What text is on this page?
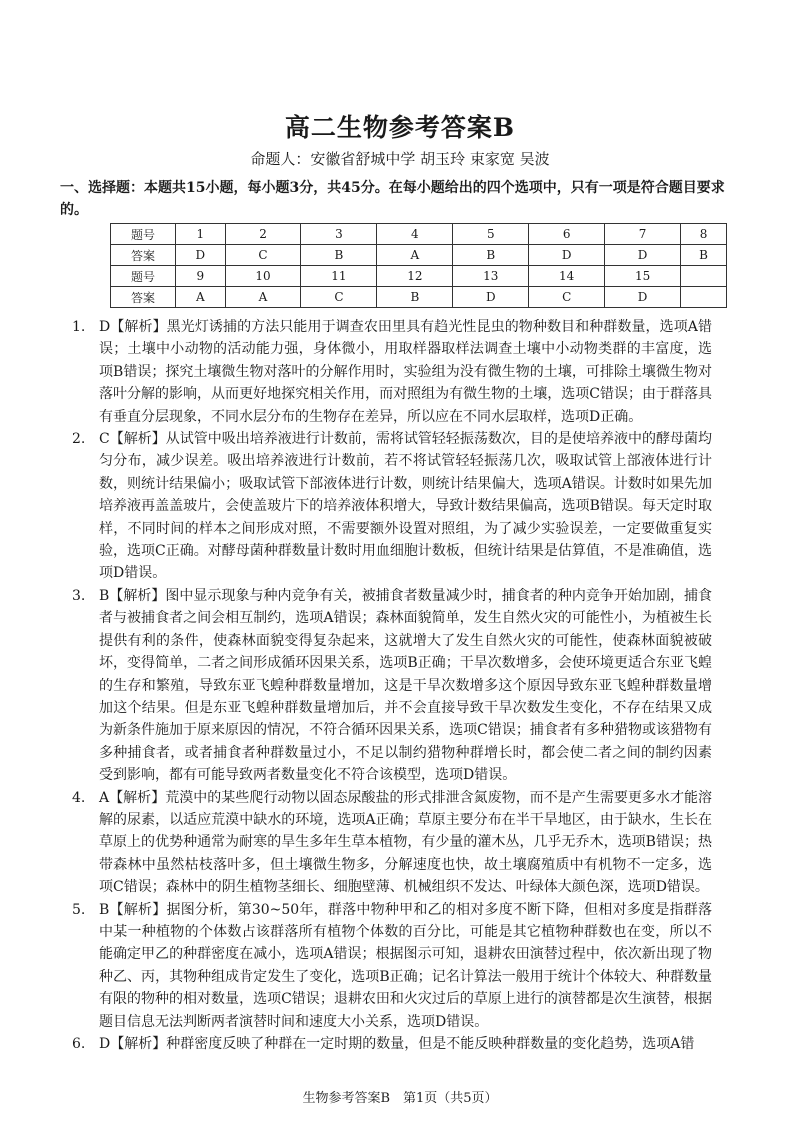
高二生物参考答案B
命题人：安徽省舒城中学 胡玉玲 束家宽 吴波
一、选择题：本题共15小题，每小题3分，共45分。在每小题给出的四个选项中，只有一项是符合题目要求的。
题号	1	2	3	4	5	6	7	8
答案	D	C	B	A	B	D	D	B
题号	9	10	11	12	13	14	15	
答案	A	A	C	B	D	C	D	
1. D【解析】黑光灯诱捕的方法只能用于调查农田里具有趋光性昆虫的物种数目和种群数量，选项A错误；土壤中小动物的活动能力强，身体微小，用取样器取样法调查土壤中小动物类群的丰富度，选项B错误；探究土壤微生物对落叶的分解作用时，实验组为没有微生物的土壤，可排除土壤微生物对落叶分解的影响，从而更好地探究相关作用，而对照组为有微生物的土壤，选项C错误；由于群落具有垂直分层现象，不同水层分布的生物存在差异，所以应在不同水层取样，选项D正确。
2. C【解析】从试管中吸出培养液进行计数前，需将试管轻轻振荡数次，目的是使培养液中的酵母菌均匀分布，减少误差。吸出培养液进行计数前，若不将试管轻轻振荡几次，吸取试管上部液体进行计数，则统计结果偏小；吸取试管下部液体进行计数，则统计结果偏大，选项A错误。计数时如果先加培养液再盖盖玻片，会使盖玻片下的培养液体积增大，导致计数结果偏高，选项B错误。每天定时取样，不同时间的样本之间形成对照，不需要额外设置对照组，为了减少实验误差，一定要做重复实验，选项C正确。对酵母菌种群数量计数时用血细胞计数板，但统计结果是估算值，不是准确值，选项D错误。
3. B【解析】图中显示现象与种内竞争有关，被捕食者数量减少时，捕食者的种内竞争开始加剧，捕食者与被捕食者之间会相互制约，选项A错误；森林面貌简单，发生自然火灾的可能性小，为植被生长提供有利的条件，使森林面貌变得复杂起来，这就增大了发生自然火灾的可能性，使森林面貌被破坏，变得简单，二者之间形成循环因果关系，选项B正确；干旱次数增多，会使环境更适合东亚飞蝗的生存和繁殖，导致东亚飞蝗种群数量增加，这是干旱次数增多这个原因导致东亚飞蝗种群数量增加这个结果。但是东亚飞蝗种群数量增加后，并不会直接导致干旱次数发生变化，不存在结果又成为新条件施加于原来原因的情况，不符合循环因果关系，选项C错误；捕食者有多种猎物或该猎物有多种捕食者，或者捕食者种群数量过小，不足以制约猎物种群增长时，都会使二者之间的制约因素受到影响，都有可能导致两者数量变化不符合该模型，选项D错误。
4. A【解析】荒漠中的某些爬行动物以固态尿酸盐的形式排泄含氮废物，而不是产生需要更多水才能溶解的尿素，以适应荒漠中缺水的环境，选项A正确；草原主要分布在半干旱地区，由于缺水，生长在草原上的优势种通常为耐寒的旱生多年生草本植物，有少量的灌木丛，几乎无乔木，选项B错误；热带森林中虽然枯枝落叶多，但土壤微生物多，分解速度也快，故土壤腐殖质中有机物不一定多，选项C错误；森林中的阴生植物茎细长、细胞壁薄、机械组织不发达、叶绿体大颜色深，选项D错误。
5. B【解析】据图分析，第30~50年，群落中物种甲和乙的相对多度不断下降，但相对多度是指群落中某一种植物的个体数占该群落所有植物个体数的百分比，可能是其它植物种群数也在变，所以不能确定甲乙的种群密度在减小，选项A错误；根据图示可知，退耕农田演替过程中，依次新出现了物种乙、丙，其物种组成肯定发生了变化，选项B正确；记名计算法一般用于统计个体较大、种群数量有限的物种的相对数量，选项C错误；退耕农田和火灾过后的草原上进行的演替都是次生演替，根据题目信息无法判断两者演替时间和速度大小关系，选项D错误。
6. D【解析】种群密度反映了种群在一定时期的数量，但是不能反映种群数量的变化趋势，选项A错
生物参考答案B　第1页（共5页）
